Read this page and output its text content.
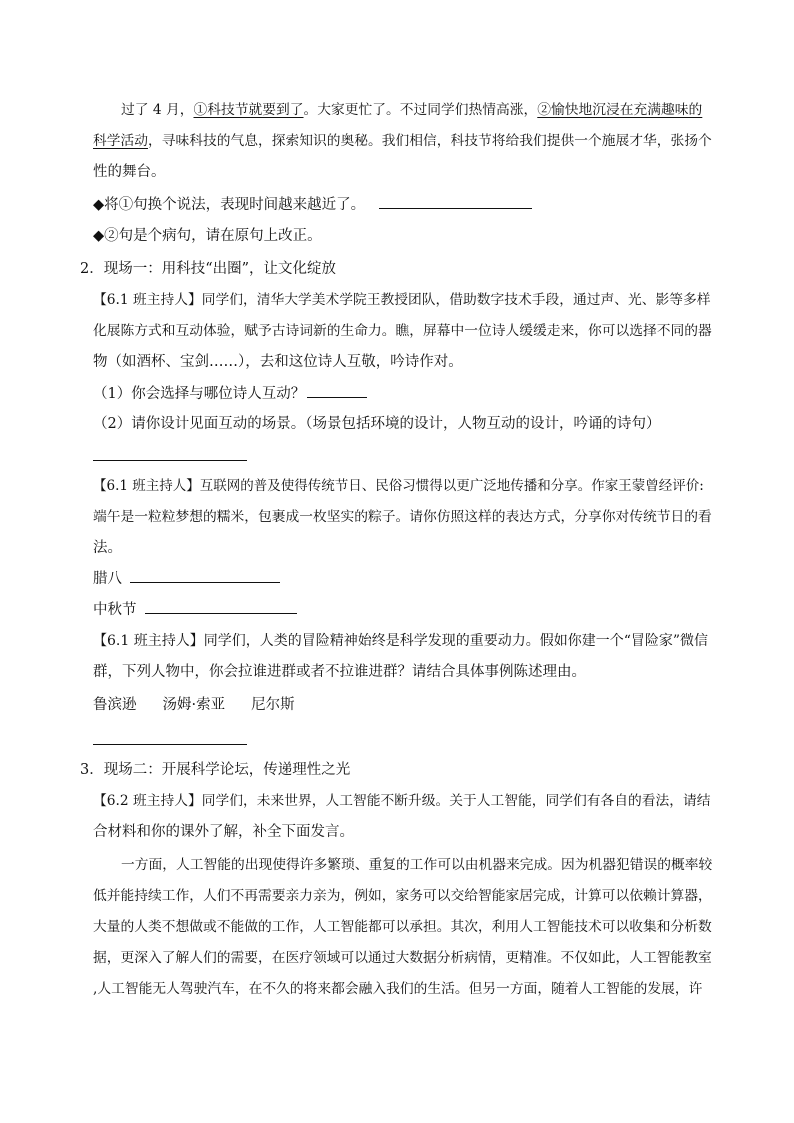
过了 4 月，①科技节就要到了。大家更忙了。不过同学们热情高涨，②愉快地沉浸在充满趣味的
科学活动，寻味科技的气息，探索知识的奥秘。我们相信，科技节将给我们提供一个施展才华，张扬个
性的舞台。
◆将①句换个说法，表现时间越来越近了。
◆②句是个病句，请在原句上改正。
2．现场一：用科技“出圈”，让文化绽放
【6.1 班主持人】同学们，清华大学美术学院王教授团队，借助数字技术手段，通过声、光、影等多样
化展陈方式和互动体验，赋予古诗词新的生命力。瞧，屏幕中一位诗人缓缓走来，你可以选择不同的器
物（如酒杯、宝剑……），去和这位诗人互敬，吟诗作对。
（1）你会选择与哪位诗人互动？
（2）请你设计见面互动的场景。（场景包括环境的设计，人物互动的设计，吟诵的诗句）
【6.1 班主持人】互联网的普及使得传统节日、民俗习惯得以更广泛地传播和分享。作家王蒙曾经评价:
端午是一粒粒梦想的糯米，包裹成一枚坚实的粽子。请你仿照这样的表达方式，分享你对传统节日的看
法。
腊八
中秋节
【6.1 班主持人】同学们，人类的冒险精神始终是科学发现的重要动力。假如你建一个“冒险家”微信
群，下列人物中，你会拉谁进群或者不拉谁进群？请结合具体事例陈述理由。
鲁滨逊 汤姆·索亚 尼尔斯
3．现场二：开展科学论坛，传递理性之光
【6.2 班主持人】同学们，未来世界，人工智能不断升级。关于人工智能，同学们有各自的看法，请结
合材料和你的课外了解，补全下面发言。
一方面，人工智能的出现使得许多繁琐、重复的工作可以由机器来完成。因为机器犯错误的概率较
低并能持续工作，人们不再需要亲力亲为，例如，家务可以交给智能家居完成，计算可以依赖计算器，
大量的人类不想做或不能做的工作，人工智能都可以承担。其次，利用人工智能技术可以收集和分析数
据，更深入了解人们的需要，在医疗领域可以通过大数据分析病情，更精准。不仅如此，人工智能教室
,人工智能无人驾驶汽车，在不久的将来都会融入我们的生活。但另一方面，随着人工智能的发展，许
